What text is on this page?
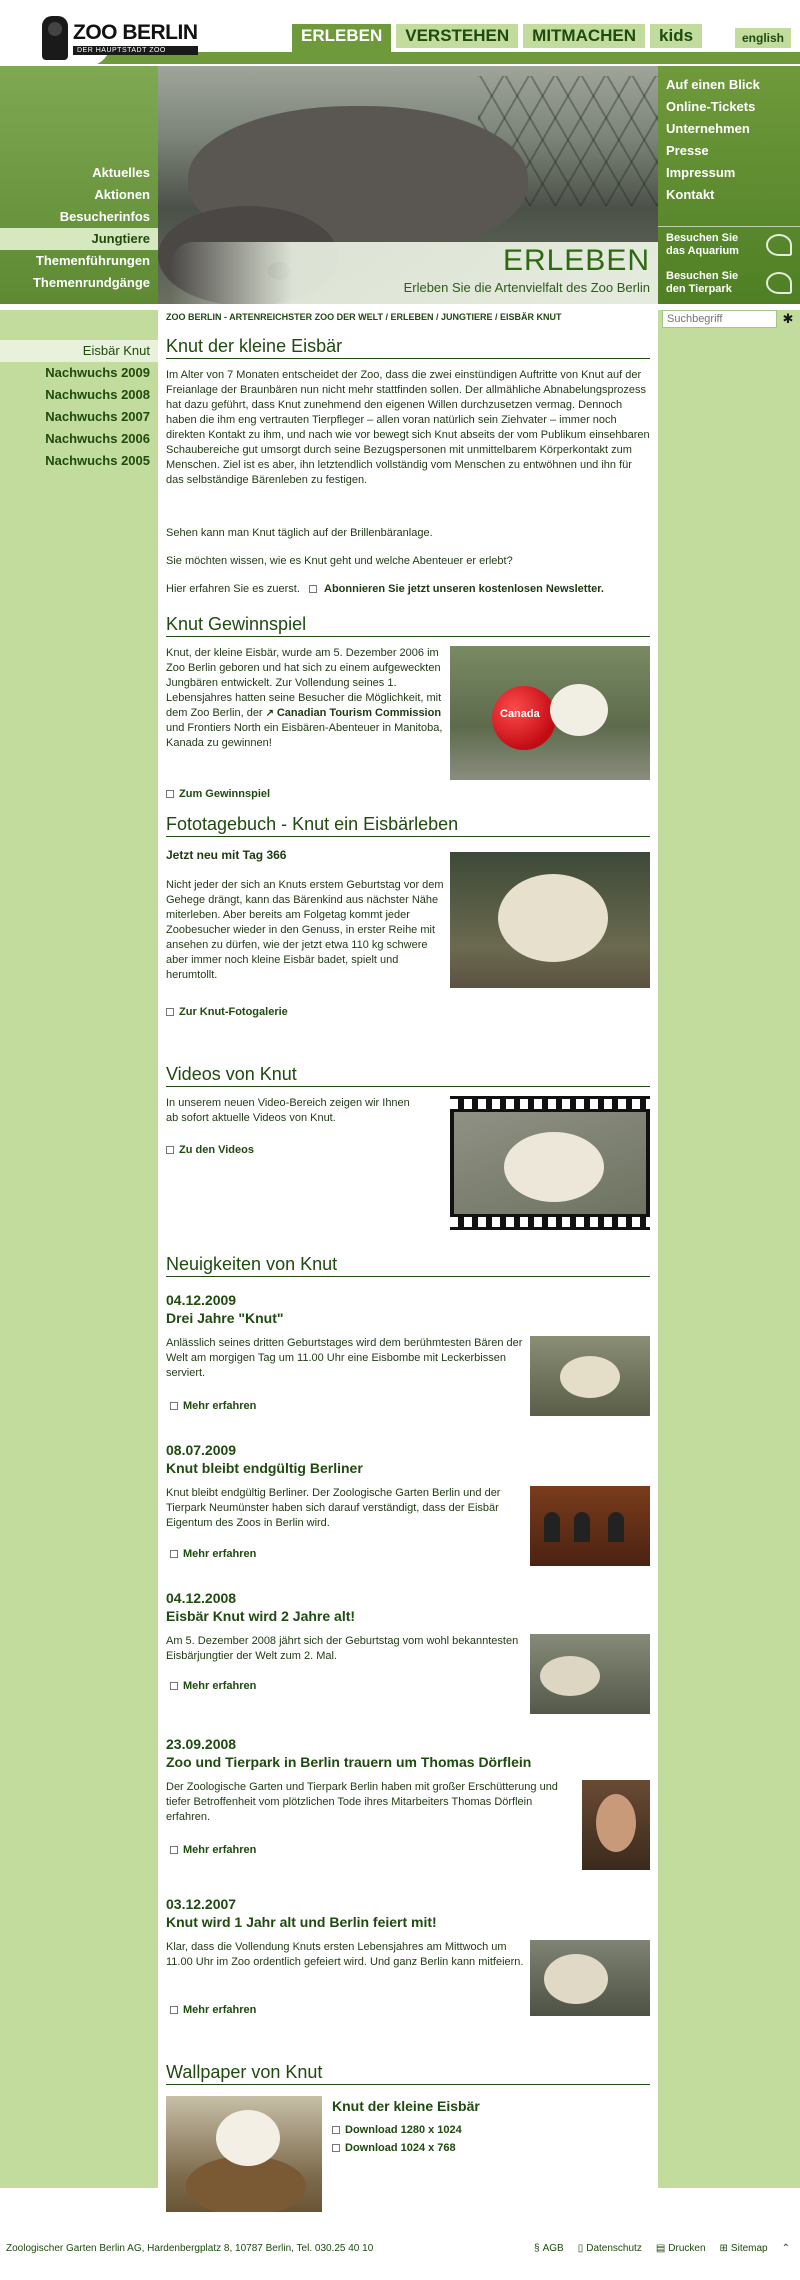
ZOO BERLIN
DER HAUPTSTADT ZOO
ERLEBEN	VERSTEHEN	MITMACHEN	kids	english
Aktuelles
Aktionen
Besucherinfos
Jungtiere
Themenführungen
Themenrundgänge
ERLEBEN
Erleben Sie die Artenvielfalt des Zoo Berlin
Auf einen Blick
Online-Tickets
Unternehmen
Presse
Impressum
Kontakt
Besuchen Sie das Aquarium
Besuchen Sie den Tierpark
Eisbär Knut
Nachwuchs 2009
Nachwuchs 2008
Nachwuchs 2007
Nachwuchs 2006
Nachwuchs 2005
Suchbegriff
✱
ZOO BERLIN - ARTENREICHSTER ZOO DER WELT / ERLEBEN / JUNGTIERE / EISBÄR KNUT
Knut der kleine Eisbär
Im Alter von 7 Monaten entscheidet der Zoo, dass die zwei einstündigen Auftritte von Knut auf der Freianlage der Braunbären nun nicht mehr stattfinden sollen. Der allmähliche Abnabelungsprozess hat dazu geführt, dass Knut zunehmend den eigenen Willen durchzusetzen vermag. Dennoch haben die ihm eng vertrauten Tierpfleger – allen voran natürlich sein Ziehvater – immer noch direkten Kontakt zu ihm, und nach wie vor bewegt sich Knut abseits der vom Publikum einsehbaren Schaubereiche gut umsorgt durch seine Bezugspersonen mit unmittelbarem Körperkontakt zum Menschen. Ziel ist es aber, ihn letztendlich vollständig vom Menschen zu entwöhnen und ihn für das selbständige Bärenleben zu festigen.
Sehen kann man Knut täglich auf der Brillenbäranlage.
Sie möchten wissen, wie es Knut geht und welche Abenteuer er erlebt?
Hier erfahren Sie es zuerst. Abonnieren Sie jetzt unseren kostenlosen Newsletter.
Knut Gewinnspiel
Knut, der kleine Eisbär, wurde am 5. Dezember 2006 im Zoo Berlin geboren und hat sich zu einem aufgeweckten Jungbären entwickelt. Zur Vollendung seines 1. Lebensjahres hatten seine Besucher die Möglichkeit, mit dem Zoo Berlin, der ↗ Canadian Tourism Commission und Frontiers North ein Eisbären-Abenteuer in Manitoba, Kanada zu gewinnen!
Canada
Zum Gewinnspiel
Fototagebuch - Knut ein Eisbärleben
Jetzt neu mit Tag 366
Nicht jeder der sich an Knuts erstem Geburtstag vor dem Gehege drängt, kann das Bärenkind aus nächster Nähe miterleben. Aber bereits am Folgetag kommt jeder Zoobesucher wieder in den Genuss, in erster Reihe mit ansehen zu dürfen, wie der jetzt etwa 110 kg schwere aber immer noch kleine Eisbär badet, spielt und herumtollt.
Zur Knut-Fotogalerie
Videos von Knut
In unserem neuen Video-Bereich zeigen wir Ihnen ab sofort aktuelle Videos von Knut.
Zu den Videos
Neuigkeiten von Knut
04.12.2009
Drei Jahre "Knut"
Anlässlich seines dritten Geburtstages wird dem berühmtesten Bären der Welt am morgigen Tag um 11.00 Uhr eine Eisbombe mit Leckerbissen serviert.
Mehr erfahren
08.07.2009
Knut bleibt endgültig Berliner
Knut bleibt endgültig Berliner. Der Zoologische Garten Berlin und der Tierpark Neumünster haben sich darauf verständigt, dass der Eisbär Eigentum des Zoos in Berlin wird.
Mehr erfahren
04.12.2008
Eisbär Knut wird 2 Jahre alt!
Am 5. Dezember 2008 jährt sich der Geburtstag vom wohl bekanntesten Eisbärjungtier der Welt zum 2. Mal.
Mehr erfahren
23.09.2008
Zoo und Tierpark in Berlin trauern um Thomas Dörflein
Der Zoologische Garten und Tierpark Berlin haben mit großer Erschütterung und tiefer Betroffenheit vom plötzlichen Tode ihres Mitarbeiters Thomas Dörflein erfahren.
Mehr erfahren
03.12.2007
Knut wird 1 Jahr alt und Berlin feiert mit!
Klar, dass die Vollendung Knuts ersten Lebensjahres am Mittwoch um 11.00 Uhr im Zoo ordentlich gefeiert wird. Und ganz Berlin kann mitfeiern.
Mehr erfahren
Wallpaper von Knut
Knut der kleine Eisbär
Download 1280 x 1024
Download 1024 x 768
Zoologischer Garten Berlin AG, Hardenbergplatz 8, 10787 Berlin, Tel. 030.25 40 10	§ AGB ▯ Datenschutz ▤ Drucken ⊞ Sitemap ⌃
